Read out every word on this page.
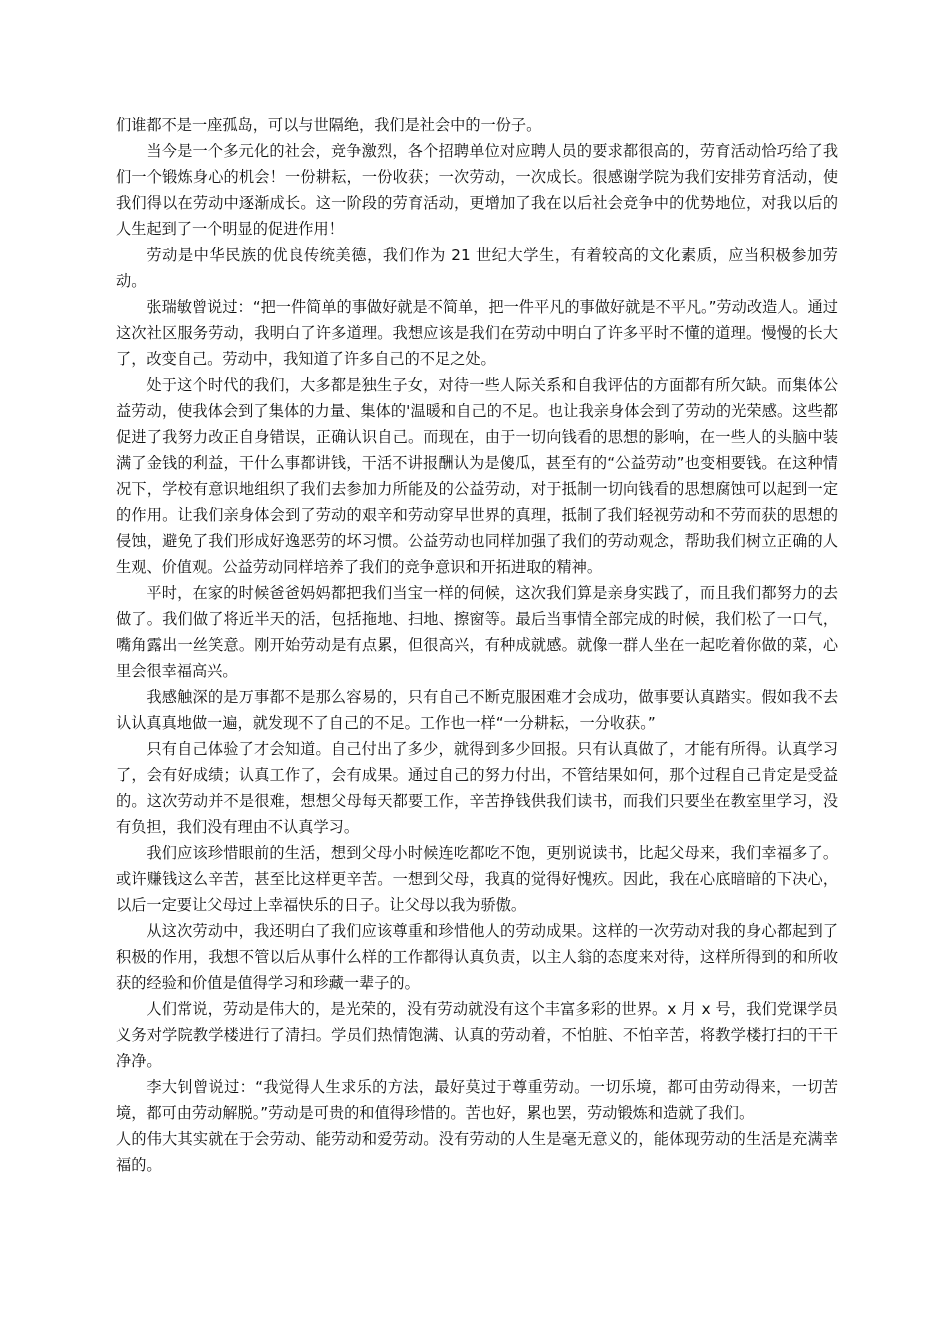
们谁都不是一座孤岛，可以与世隔绝，我们是社会中的一份子。

当今是一个多元化的社会，竞争激烈，各个招聘单位对应聘人员的要求都很高的，劳育活动恰巧给了我们一个锻炼身心的机会！一份耕耘，一份收获；一次劳动，一次成长。很感谢学院为我们安排劳育活动，使我们得以在劳动中逐渐成长。这一阶段的劳育活动，更增加了我在以后社会竞争中的优势地位，对我以后的人生起到了一个明显的促进作用！

劳动是中华民族的优良传统美德，我们作为 21 世纪大学生，有着较高的文化素质，应当积极参加劳动。

张瑞敏曾说过：“把一件简单的事做好就是不简单，把一件平凡的事做好就是不平凡。”劳动改造人。通过这次社区服务劳动，我明白了许多道理。我想应该是我们在劳动中明白了许多平时不懂的道理。慢慢的长大了，改变自己。劳动中，我知道了许多自己的不足之处。

处于这个时代的我们，大多都是独生子女，对待一些人际关系和自我评估的方面都有所欠缺。而集体公益劳动，使我体会到了集体的力量、集体的'温暖和自己的不足。也让我亲身体会到了劳动的光荣感。这些都促进了我努力改正自身错误，正确认识自己。而现在，由于一切向钱看的思想的影响，在一些人的头脑中装满了金钱的利益，干什么事都讲钱，干活不讲报酬认为是傻瓜，甚至有的“公益劳动”也变相要钱。在这种情况下，学校有意识地组织了我们去参加力所能及的公益劳动，对于抵制一切向钱看的思想腐蚀可以起到一定的作用。让我们亲身体会到了劳动的艰辛和劳动穿早世界的真理，抵制了我们轻视劳动和不劳而获的思想的侵蚀，避免了我们形成好逸恶劳的坏习惯。公益劳动也同样加强了我们的劳动观念，帮助我们树立正确的人生观、价值观。公益劳动同样培养了我们的竞争意识和开拓进取的精神。

平时，在家的时候爸爸妈妈都把我们当宝一样的伺候，这次我们算是亲身实践了，而且我们都努力的去做了。我们做了将近半天的活，包括拖地、扫地、擦窗等。最后当事情全部完成的时候，我们松了一口气，嘴角露出一丝笑意。刚开始劳动是有点累，但很高兴，有种成就感。就像一群人坐在一起吃着你做的菜，心里会很幸福高兴。

我感触深的是万事都不是那么容易的，只有自己不断克服困难才会成功，做事要认真踏实。假如我不去认认真真地做一遍，就发现不了自己的不足。工作也一样“一分耕耘，一分收获。”

只有自己体验了才会知道。自己付出了多少，就得到多少回报。只有认真做了，才能有所得。认真学习了，会有好成绩；认真工作了，会有成果。通过自己的努力付出，不管结果如何，那个过程自己肯定是受益的。这次劳动并不是很难，想想父母每天都要工作，辛苦挣钱供我们读书，而我们只要坐在教室里学习，没有负担，我们没有理由不认真学习。

我们应该珍惜眼前的生活，想到父母小时候连吃都吃不饱，更别说读书，比起父母来，我们幸福多了。或许赚钱这么辛苦，甚至比这样更辛苦。一想到父母，我真的觉得好愧疚。因此，我在心底暗暗的下决心，以后一定要让父母过上幸福快乐的日子。让父母以我为骄傲。

从这次劳动中，我还明白了我们应该尊重和珍惜他人的劳动成果。这样的一次劳动对我的身心都起到了积极的作用，我想不管以后从事什么样的工作都得认真负责，以主人翁的态度来对待，这样所得到的和所收获的经验和价值是值得学习和珍藏一辈子的。

人们常说，劳动是伟大的，是光荣的，没有劳动就没有这个丰富多彩的世界。x 月 x 号，我们党课学员义务对学院教学楼进行了清扫。学员们热情饱满、认真的劳动着，不怕脏、不怕辛苦，将教学楼打扫的干干净净。

李大钊曾说过：“我觉得人生求乐的方法，最好莫过于尊重劳动。一切乐境，都可由劳动得来，一切苦境，都可由劳动解脱。”劳动是可贵的和值得珍惜的。苦也好，累也罢，劳动锻炼和造就了我们。

人的伟大其实就在于会劳动、能劳动和爱劳动。没有劳动的人生是毫无意义的，能体现劳动的生活是充满幸福的。
